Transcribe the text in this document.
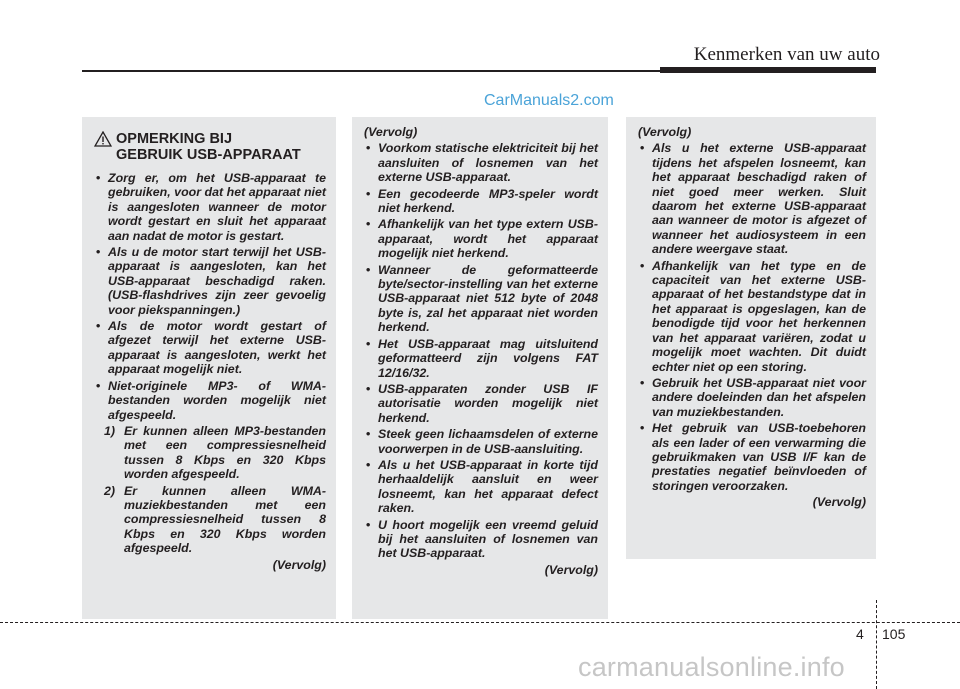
Kenmerken van uw auto
CarManuals2.com
OPMERKING BIJ
GEBRUIK USB-APPARAAT
• Zorg er, om het USB-apparaat te gebruiken, voor dat het apparaat niet is aangesloten wanneer de motor wordt gestart en sluit het apparaat aan nadat de motor is gestart.
• Als u de motor start terwijl het USB-apparaat is aangesloten, kan het USB-apparaat beschadigd raken. (USB-flashdrives zijn zeer gevoelig voor piekspanningen.)
• Als de motor wordt gestart of afgezet terwijl het externe USB-apparaat is aangesloten, werkt het apparaat mogelijk niet.
• Niet-originele MP3- of WMA-bestanden worden mogelijk niet afgespeeld.
1) Er kunnen alleen MP3-bestanden met een compressiesnelheid tussen 8 Kbps en 320 Kbps worden afgespeeld.
2) Er kunnen alleen WMA-muziekbestanden met een compressiesnelheid tussen 8 Kbps en 320 Kbps worden afgespeeld.
(Vervolg)
(Vervolg)
• Voorkom statische elektriciteit bij het aansluiten of losnemen van het externe USB-apparaat.
• Een gecodeerde MP3-speler wordt niet herkend.
• Afhankelijk van het type extern USB-apparaat, wordt het apparaat mogelijk niet herkend.
• Wanneer de geformatteerde byte/sector-instelling van het externe USB-apparaat niet 512 byte of 2048 byte is, zal het apparaat niet worden herkend.
• Het USB-apparaat mag uitsluitend geformatteerd zijn volgens FAT 12/16/32.
• USB-apparaten zonder USB IF autorisatie worden mogelijk niet herkend.
• Steek geen lichaamsdelen of externe voorwerpen in de USB-aansluiting.
• Als u het USB-apparaat in korte tijd herhaaldelijk aansluit en weer losneemt, kan het apparaat defect raken.
• U hoort mogelijk een vreemd geluid bij het aansluiten of losnemen van het USB-apparaat.
(Vervolg)
(Vervolg)
• Als u het externe USB-apparaat tijdens het afspelen losneemt, kan het apparaat beschadigd raken of niet goed meer werken. Sluit daarom het externe USB-apparaat aan wanneer de motor is afgezet of wanneer het audiosysteem in een andere weergave staat.
• Afhankelijk van het type en de capaciteit van het externe USB-apparaat of het bestandstype dat in het apparaat is opgeslagen, kan de benodigde tijd voor het herkennen van het apparaat variëren, zodat u mogelijk moet wachten. Dit duidt echter niet op een storing.
• Gebruik het USB-apparaat niet voor andere doeleinden dan het afspelen van muziekbestanden.
• Het gebruik van USB-toebehoren als een lader of een verwarming die gebruikmaken van USB I/F kan de prestaties negatief beïnvloeden of storingen veroorzaken.
(Vervolg)
4 105
carmanualsonline.info
